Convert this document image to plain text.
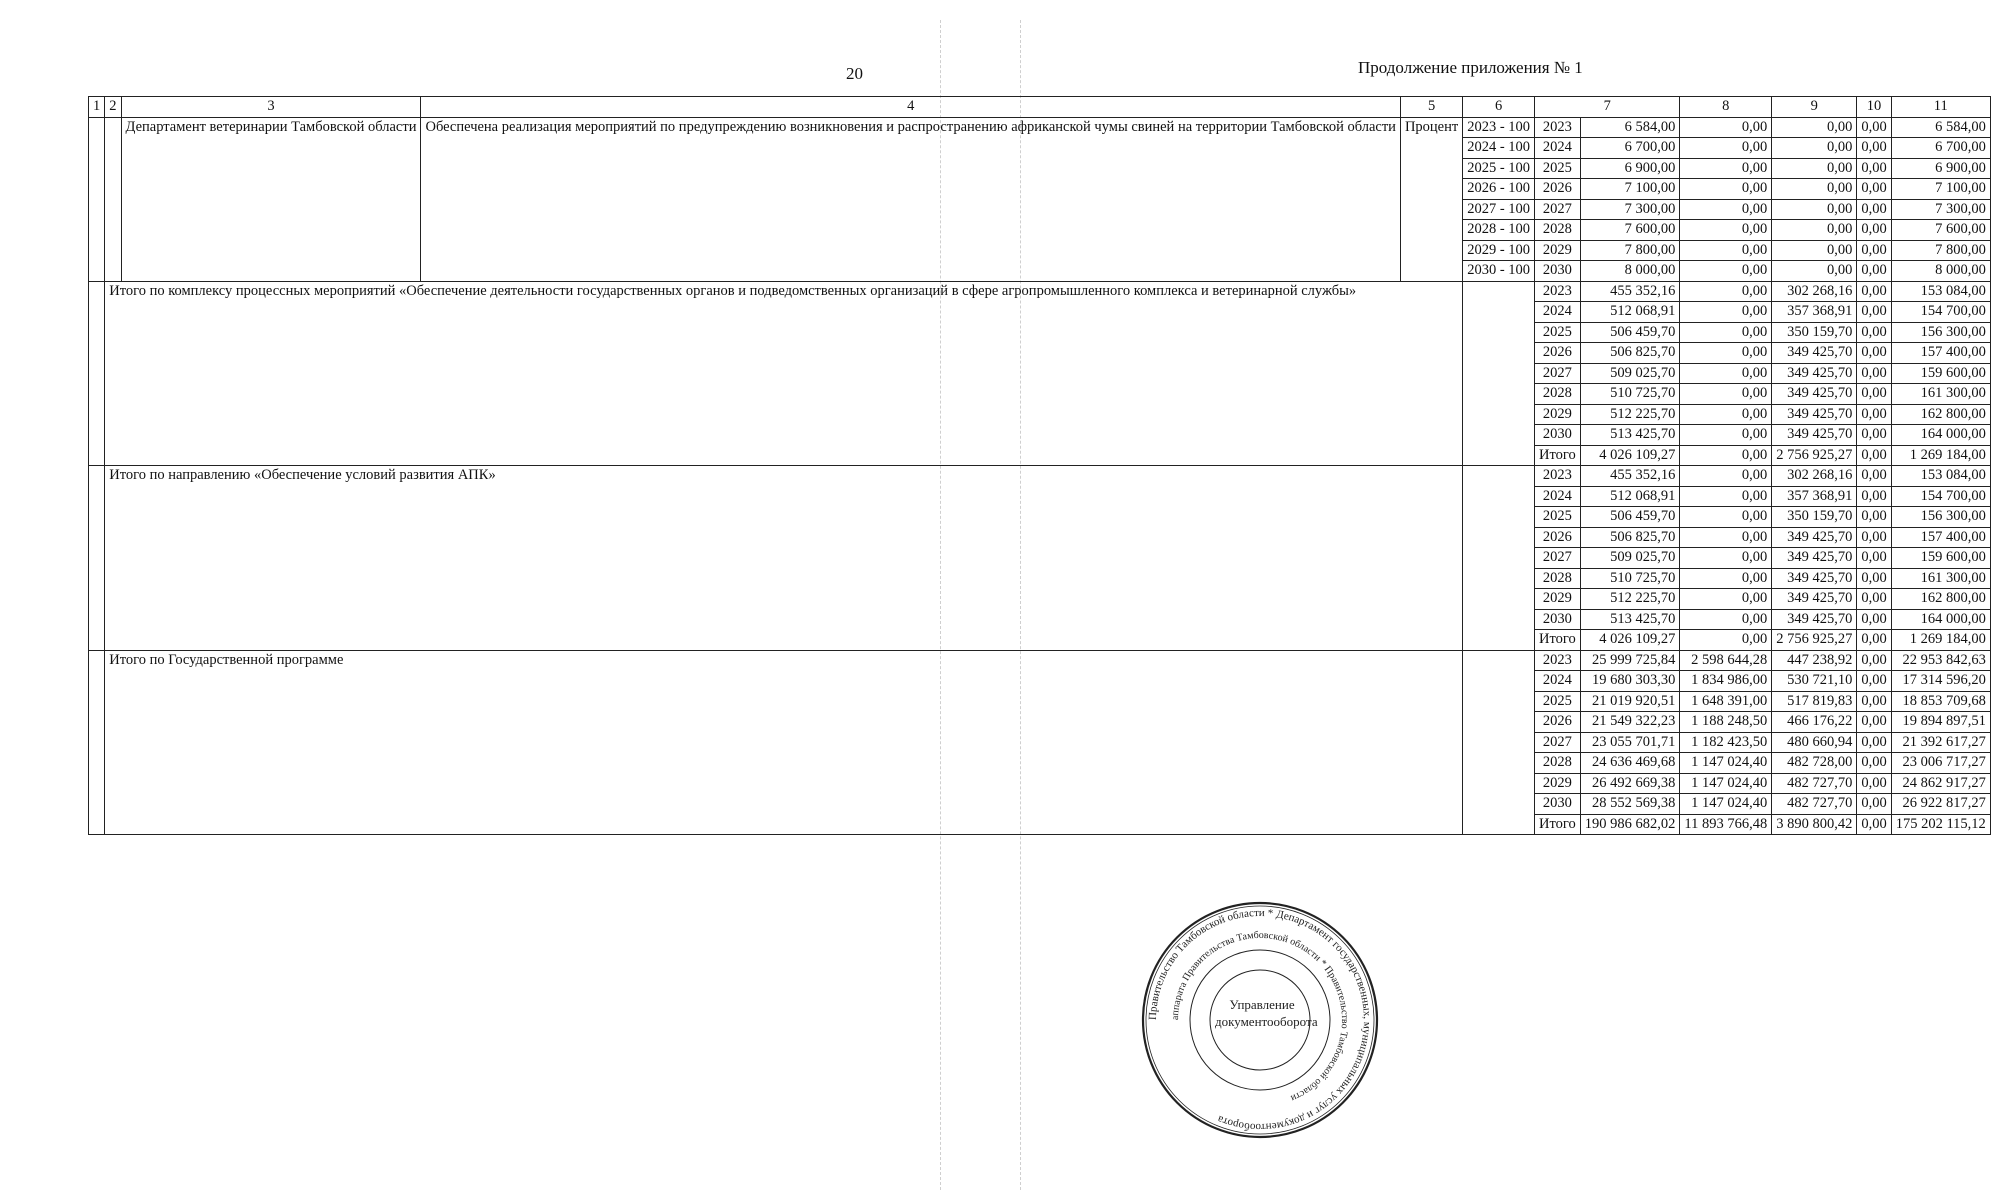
20	Продолжение приложения № 1
1	2	3	4	5	6	7		8	9	10	11
		Департамент ветеринарии Тамбовской области	Обеспечена реализация мероприятий по предупреждению возникновения и распространению африканской чумы свиней на территории Тамбовской области	Процент	2023 - 100	2023	6 584,00	0,00	0,00	0,00	6 584,00
					2024 - 100	2024	6 700,00	0,00	0,00	0,00	6 700,00
					2025 - 100	2025	6 900,00	0,00	0,00	0,00	6 900,00
					2026 - 100	2026	7 100,00	0,00	0,00	0,00	7 100,00
					2027 - 100	2027	7 300,00	0,00	0,00	0,00	7 300,00
					2028 - 100	2028	7 600,00	0,00	0,00	0,00	7 600,00
					2029 - 100	2029	7 800,00	0,00	0,00	0,00	7 800,00
					2030 - 100	2030	8 000,00	0,00	0,00	0,00	8 000,00
	Итого по комплексу процессных мероприятий «Обеспечение деятельности государственных органов и подведомственных организаций в сфере агропромышленного комплекса и ветеринарной службы»					2023	455 352,16	0,00	302 268,16	0,00	153 084,00
						2024	512 068,91	0,00	357 368,91	0,00	154 700,00
						2025	506 459,70	0,00	350 159,70	0,00	156 300,00
						2026	506 825,70	0,00	349 425,70	0,00	157 400,00
						2027	509 025,70	0,00	349 425,70	0,00	159 600,00
						2028	510 725,70	0,00	349 425,70	0,00	161 300,00
						2029	512 225,70	0,00	349 425,70	0,00	162 800,00
						2030	513 425,70	0,00	349 425,70	0,00	164 000,00
						Итого	4 026 109,27	0,00	2 756 925,27	0,00	1 269 184,00
	Итого по направлению «Обеспечение условий развития АПК»					2023	455 352,16	0,00	302 268,16	0,00	153 084,00
						2024	512 068,91	0,00	357 368,91	0,00	154 700,00
						2025	506 459,70	0,00	350 159,70	0,00	156 300,00
						2026	506 825,70	0,00	349 425,70	0,00	157 400,00
						2027	509 025,70	0,00	349 425,70	0,00	159 600,00
						2028	510 725,70	0,00	349 425,70	0,00	161 300,00
						2029	512 225,70	0,00	349 425,70	0,00	162 800,00
						2030	513 425,70	0,00	349 425,70	0,00	164 000,00
						Итого	4 026 109,27	0,00	2 756 925,27	0,00	1 269 184,00
	Итого по Государственной программе					2023	25 999 725,84	2 598 644,28	447 238,92	0,00	22 953 842,63
						2024	19 680 303,30	1 834 986,00	530 721,10	0,00	17 314 596,20
						2025	21 019 920,51	1 648 391,00	517 819,83	0,00	18 853 709,68
						2026	21 549 322,23	1 188 248,50	466 176,22	0,00	19 894 897,51
						2027	23 055 701,71	1 182 423,50	480 660,94	0,00	21 392 617,27
						2028	24 636 469,68	1 147 024,40	482 728,00	0,00	23 006 717,27
						2029	26 492 669,38	1 147 024,40	482 727,70	0,00	24 862 917,27
						2030	28 552 569,38	1 147 024,40	482 727,70	0,00	26 922 817,27
						Итого	190 986 682,02	11 893 766,48	3 890 800,42	0,00	175 202 115,12
Правительство Тамбовской области * Департамент государственных, муниципальных услуг и документооборота
аппарата Правительства Тамбовской области * Правительство Тамбовской области
Управление
документооборота
